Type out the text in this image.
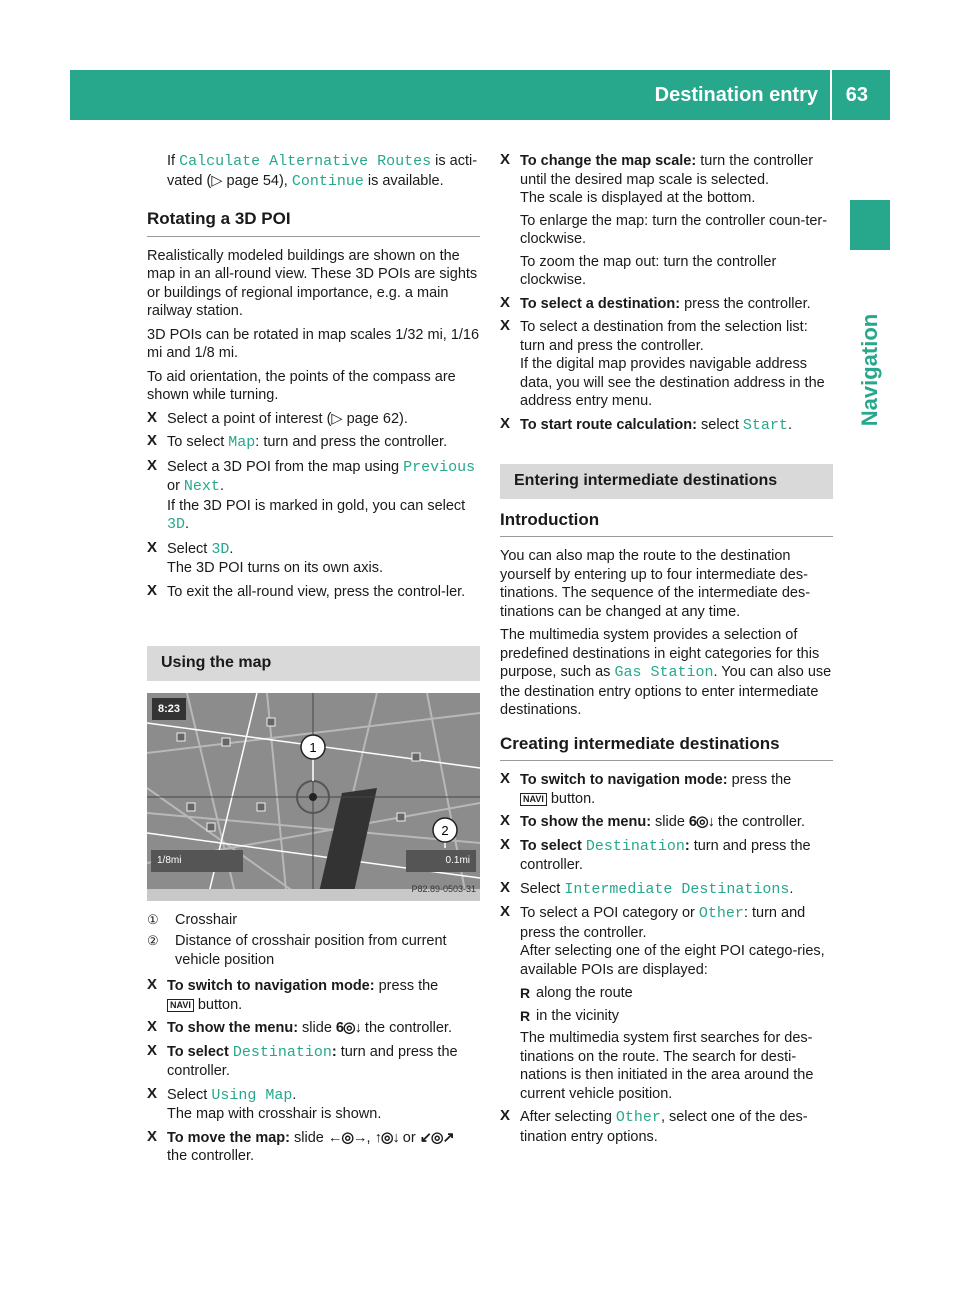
Destination entry 63
Navigation

If Calculate Alternative Routes is acti-vated (▷ page 54), Continue is available.

Rotating a 3D POI

Realistically modeled buildings are shown on the map in an all-round view. These 3D POIs are sights or buildings of regional importance, e.g. a main railway station.

3D POIs can be rotated in map scales 1/32 mi, 1/16 mi and 1/8 mi.

To aid orientation, the points of the compass are shown while turning.

X Select a point of interest (▷ page 62).
X To select Map: turn and press the controller.
X Select a 3D POI from the map using Previous or Next.
If the 3D POI is marked in gold, you can select 3D.
X Select 3D.
The 3D POI turns on its own axis.
X To exit the all-round view, press the control-ler.
Using the map
1
2
8:23
1/8mi	0.1mi
P82.89-0503-31
① Crosshair
② Distance of crosshair position from current vehicle position
X To switch to navigation mode: press the
NAVI button.
X To show the menu: slide 6◎↓ the controller.
X To select Destination: turn and press the controller.
X Select Using Map.
The map with crosshair is shown.
X To move the map: slide ←◎→, ↑◎↓ or ↙◎↗
the controller.
X To change the map scale: turn the controller until the desired map scale is selected.
The scale is displayed at the bottom.

To enlarge the map: turn the controller coun-ter-clockwise.
To zoom the map out: turn the controller clockwise.
X To select a destination: press the controller.
X To select a destination from the selection list: turn and press the controller.
If the digital map provides navigable address data, you will see the destination address in the address entry menu.
X To start route calculation: select Start.
Entering intermediate destinations
Introduction

You can also map the route to the destination yourself by entering up to four intermediate des-tinations. The sequence of the intermediate des-tinations can be changed at any time.

The multimedia system provides a selection of predefined destinations in eight categories for this purpose, such as Gas Station. You can also use the destination entry options to enter intermediate destinations.

Creating intermediate destinations
X To switch to navigation mode: press the
NAVI button.
X To show the menu: slide 6◎↓ the controller.
X To select Destination: turn and press the controller.
X Select Intermediate Destinations.
X To select a POI category or Other: turn and press the controller.
After selecting one of the eight POI catego-ries, available POIs are displayed:
R along the route
R in the vicinity

The multimedia system first searches for des-tinations on the route. The search for desti-nations is then initiated in the area around the current vehicle position.

X After selecting Other, select one of the des-tination entry options.
